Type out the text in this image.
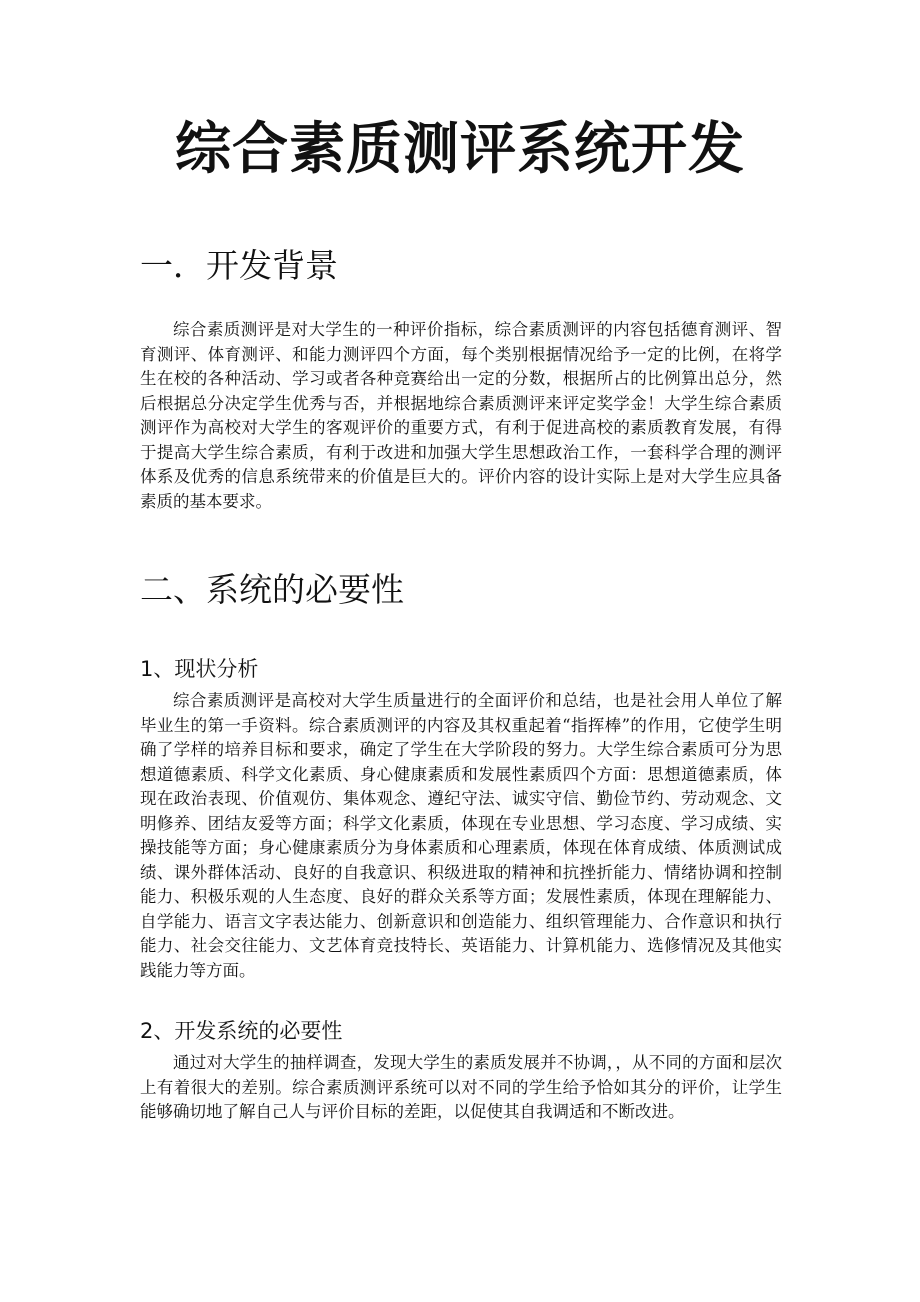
综合素质测评系统开发
一．开发背景

综合素质测评是对大学生的一种评价指标，综合素质测评的内容包括德育测评、智育测评、体育测评、和能力测评四个方面，每个类别根据情况给予一定的比例，在将学生在校的各种活动、学习或者各种竞赛给出一定的分数，根据所占的比例算出总分，然后根据总分决定学生优秀与否，并根据地综合素质测评来评定奖学金！大学生综合素质测评作为高校对大学生的客观评价的重要方式，有利于促进高校的素质教育发展，有得于提高大学生综合素质，有利于改进和加强大学生思想政治工作，一套科学合理的测评体系及优秀的信息系统带来的价值是巨大的。评价内容的设计实际上是对大学生应具备素质的基本要求。

二、系统的必要性
1、现状分析

综合素质测评是高校对大学生质量进行的全面评价和总结，也是社会用人单位了解毕业生的第一手资料。综合素质测评的内容及其权重起着“指挥棒”的作用，它使学生明确了学样的培养目标和要求，确定了学生在大学阶段的努力。大学生综合素质可分为思想道德素质、科学文化素质、身心健康素质和发展性素质四个方面：思想道德素质，体现在政治表现、价值观仿、集体观念、遵纪守法、诚实守信、勤俭节约、劳动观念、文明修养、团结友爱等方面；科学文化素质，体现在专业思想、学习态度、学习成绩、实操技能等方面；身心健康素质分为身体素质和心理素质，体现在体育成绩、体质测试成绩、课外群体活动、良好的自我意识、积级进取的精神和抗挫折能力、情绪协调和控制能力、积极乐观的人生态度、良好的群众关系等方面；发展性素质，体现在理解能力、自学能力、语言文字表达能力、创新意识和创造能力、组织管理能力、合作意识和执行能力、社会交往能力、文艺体育竞技特长、英语能力、计算机能力、选修情况及其他实践能力等方面。

2、开发系统的必要性

通过对大学生的抽样调查，发现大学生的素质发展并不协调，，从不同的方面和层次上有着很大的差别。综合素质测评系统可以对不同的学生给予恰如其分的评价，让学生能够确切地了解自己人与评价目标的差距，以促使其自我调适和不断改进。
